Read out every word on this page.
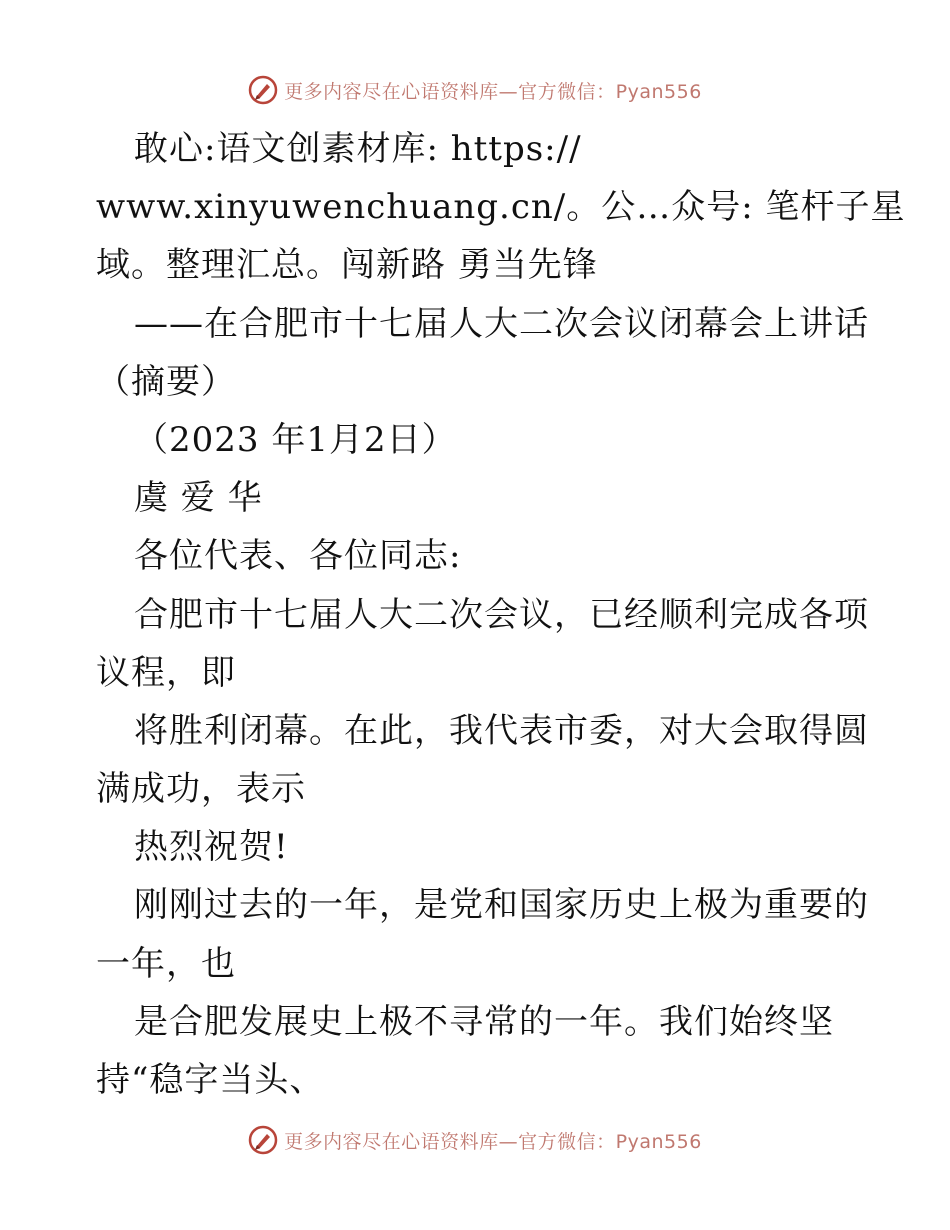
更多内容尽在心语资料库—官方微信：Pyan556
敢心:语文创素材库: https://
www.xinyuwenchuang.cn/。公…众号: 笔杆子星
域。整理汇总。闯新路 勇当先锋
——在合肥市十七届人大二次会议闭幕会上讲话
（摘要）
（2023 年1月2日）
虞 爱 华
各位代表、各位同志:
合肥市十七届人大二次会议，已经顺利完成各项
议程，即
将胜利闭幕。在此，我代表市委，对大会取得圆
满成功，表示
热烈祝贺!
刚刚过去的一年，是党和国家历史上极为重要的
一年，也
是合肥发展史上极不寻常的一年。我们始终坚
持“稳字当头、
更多内容尽在心语资料库—官方微信：Pyan556
